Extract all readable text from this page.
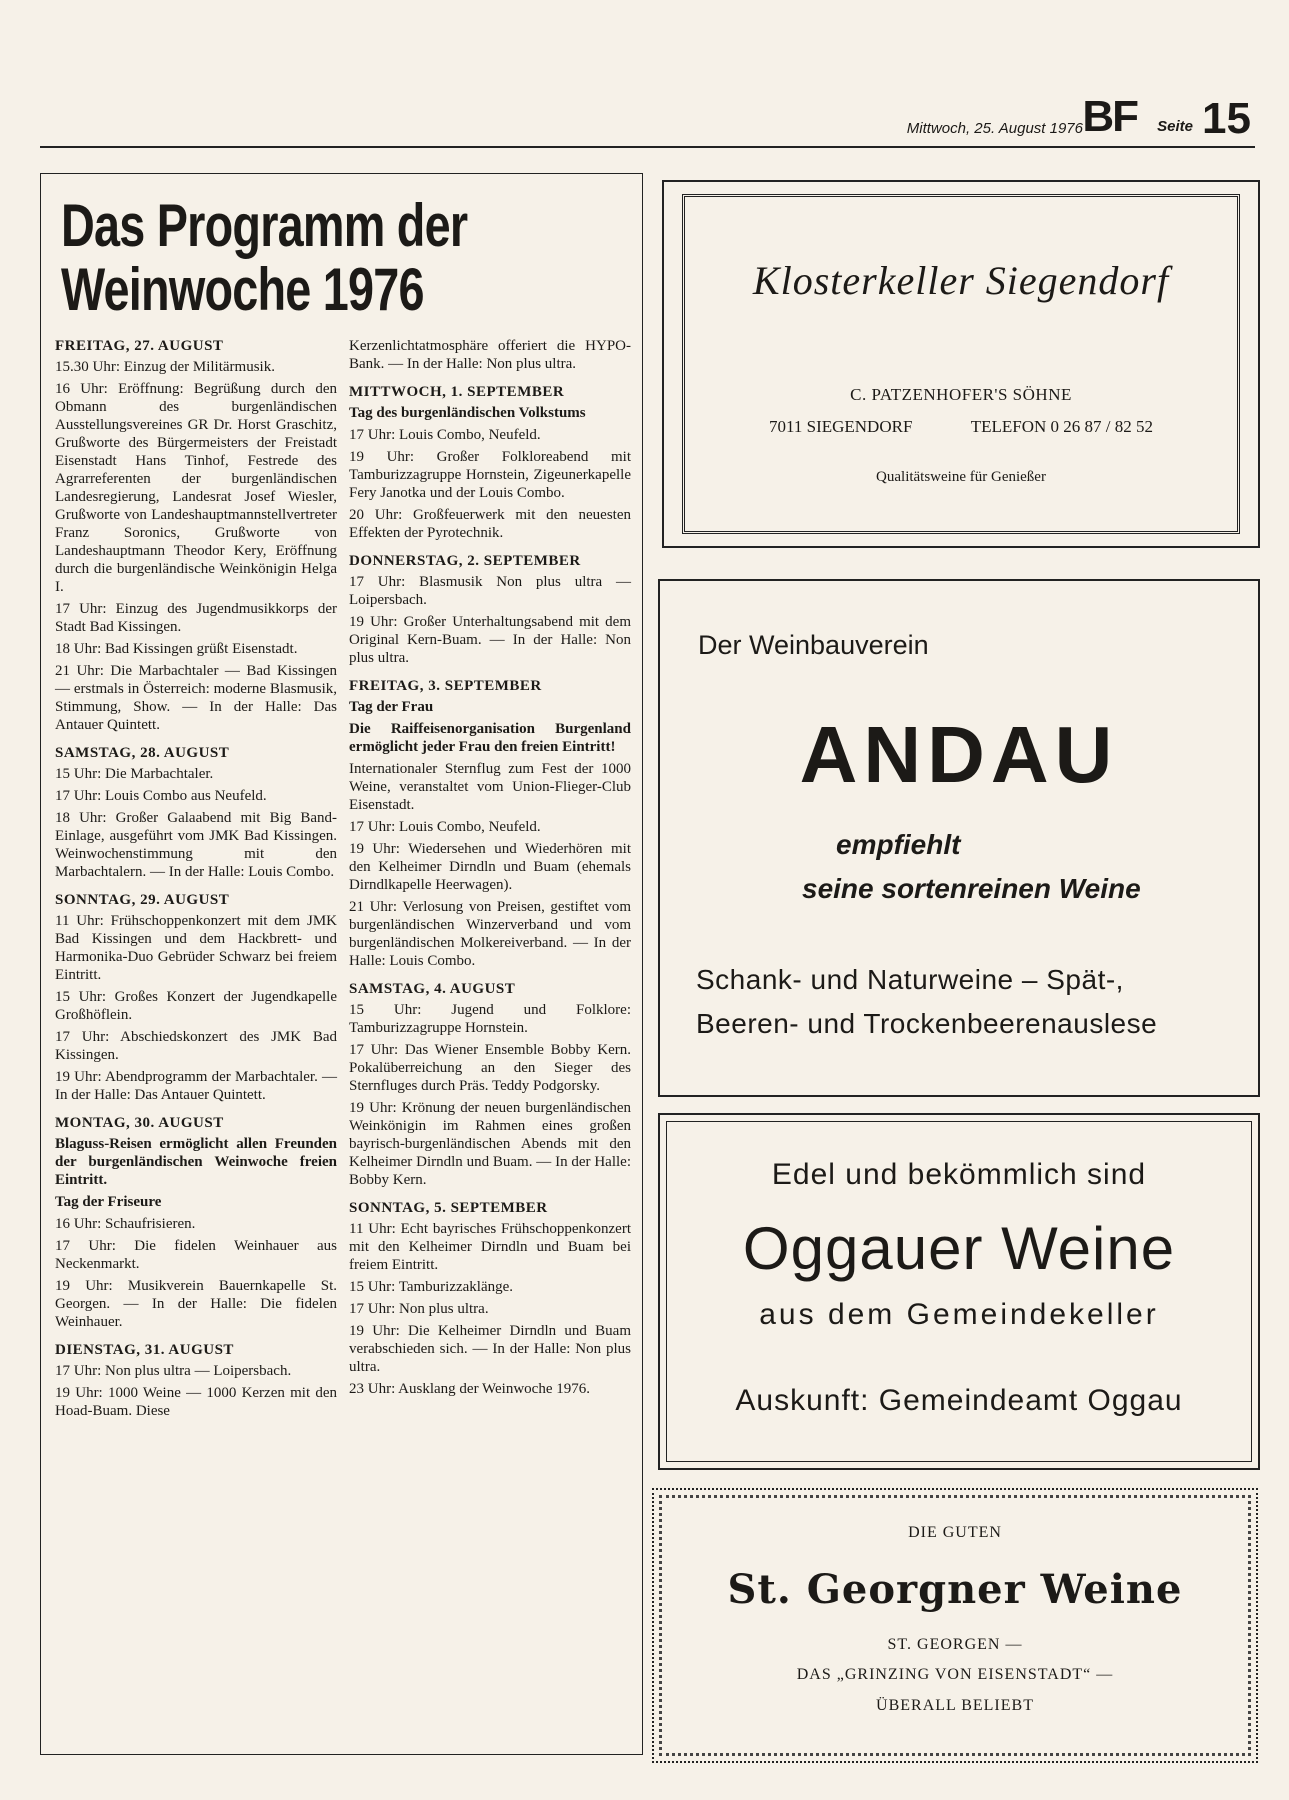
Mittwoch, 25. August 1976 BF Seite 15
Das Programm der
Weinwoche 1976
FREITAG, 27. AUGUST
15.30 Uhr: Einzug der Militärmusik.
16 Uhr: Eröffnung: Begrüßung durch den Obmann des burgenländischen Ausstellungsvereines GR Dr. Horst Graschitz, Grußworte des Bürgermeisters der Freistadt Eisenstadt Hans Tinhof, Festrede des Agrarreferenten der burgenländischen Landesregierung, Landesrat Josef Wiesler, Grußworte von Landeshauptmannstellvertreter Franz Soronics, Grußworte von Landeshauptmann Theodor Kery, Eröffnung durch die burgenländische Weinkönigin Helga I.
17 Uhr: Einzug des Jugendmusikkorps der Stadt Bad Kissingen.
18 Uhr: Bad Kissingen grüßt Eisenstadt.
21 Uhr: Die Marbachtaler — Bad Kissingen — erstmals in Österreich: moderne Blasmusik, Stimmung, Show. — In der Halle: Das Antauer Quintett.
SAMSTAG, 28. AUGUST
15 Uhr: Die Marbachtaler.
17 Uhr: Louis Combo aus Neufeld.
18 Uhr: Großer Galaabend mit Big Band-Einlage, ausgeführt vom JMK Bad Kissingen. Weinwochenstimmung mit den Marbachtalern. — In der Halle: Louis Combo.
SONNTAG, 29. AUGUST
11 Uhr: Frühschoppenkonzert mit dem JMK Bad Kissingen und dem Hackbrett- und Harmonika-Duo Gebrüder Schwarz bei freiem Eintritt.
15 Uhr: Großes Konzert der Jugendkapelle Großhöflein.
17 Uhr: Abschiedskonzert des JMK Bad Kissingen.
19 Uhr: Abendprogramm der Marbachtaler. — In der Halle: Das Antauer Quintett.
MONTAG, 30. AUGUST
Blaguss-Reisen ermöglicht allen Freunden der burgenländischen Weinwoche freien Eintritt.
Tag der Friseure
16 Uhr: Schaufrisieren.
17 Uhr: Die fidelen Weinhauer aus Neckenmarkt.
19 Uhr: Musikverein Bauernkapelle St. Georgen. — In der Halle: Die fidelen Weinhauer.
DIENSTAG, 31. AUGUST
17 Uhr: Non plus ultra — Loipersbach.
19 Uhr: 1000 Weine — 1000 Kerzen mit den Hoad-Buam. Diese
Kerzenlichtatmosphäre offeriert die HYPO-Bank. — In der Halle: Non plus ultra.
MITTWOCH, 1. SEPTEMBER
Tag des burgenländischen Volkstums
17 Uhr: Louis Combo, Neufeld.
19 Uhr: Großer Folkloreabend mit Tamburizzagruppe Hornstein, Zigeunerkapelle Fery Janotka und der Louis Combo.
20 Uhr: Großfeuerwerk mit den neuesten Effekten der Pyrotechnik.
DONNERSTAG, 2. SEPTEMBER
17 Uhr: Blasmusik Non plus ultra — Loipersbach.
19 Uhr: Großer Unterhaltungsabend mit dem Original Kern-Buam. — In der Halle: Non plus ultra.
FREITAG, 3. SEPTEMBER
Tag der Frau
Die Raiffeisenorganisation Burgenland ermöglicht jeder Frau den freien Eintritt!
Internationaler Sternflug zum Fest der 1000 Weine, veranstaltet vom Union-Flieger-Club Eisenstadt.
17 Uhr: Louis Combo, Neufeld.
19 Uhr: Wiedersehen und Wiederhören mit den Kelheimer Dirndln und Buam (ehemals Dirndlkapelle Heerwagen).
21 Uhr: Verlosung von Preisen, gestiftet vom burgenländischen Winzerverband und vom burgenländischen Molkereiverband. — In der Halle: Louis Combo.
SAMSTAG, 4. AUGUST
15 Uhr: Jugend und Folklore: Tamburizzagruppe Hornstein.
17 Uhr: Das Wiener Ensemble Bobby Kern. Pokalüberreichung an den Sieger des Sternfluges durch Präs. Teddy Podgorsky.
19 Uhr: Krönung der neuen burgenländischen Weinkönigin im Rahmen eines großen bayrisch-burgenländischen Abends mit den Kelheimer Dirndln und Buam. — In der Halle: Bobby Kern.
SONNTAG, 5. SEPTEMBER
11 Uhr: Echt bayrisches Frühschoppenkonzert mit den Kelheimer Dirndln und Buam bei freiem Eintritt.
15 Uhr: Tamburizzaklänge.
17 Uhr: Non plus ultra.
19 Uhr: Die Kelheimer Dirndln und Buam verabschieden sich. — In der Halle: Non plus ultra.
23 Uhr: Ausklang der Weinwoche 1976.
Klosterkeller Siegendorf
C. PATZENHOFER'S SÖHNE
7011 SIEGENDORF	TELEFON 0 26 87 / 82 52
Qualitätsweine für Genießer
Der Weinbauverein
ANDAU
empfiehlt
seine sortenreinen Weine
Schank- und Naturweine – Spät-,
Beeren- und Trockenbeerenauslese
Edel und bekömmlich sind
Oggauer Weine
aus dem Gemeindekeller
Auskunft: Gemeindeamt Oggau
DIE GUTEN
St. Georgner Weine
ST. GEORGEN —
DAS „GRINZING VON EISENSTADT“ —
ÜBERALL BELIEBT
